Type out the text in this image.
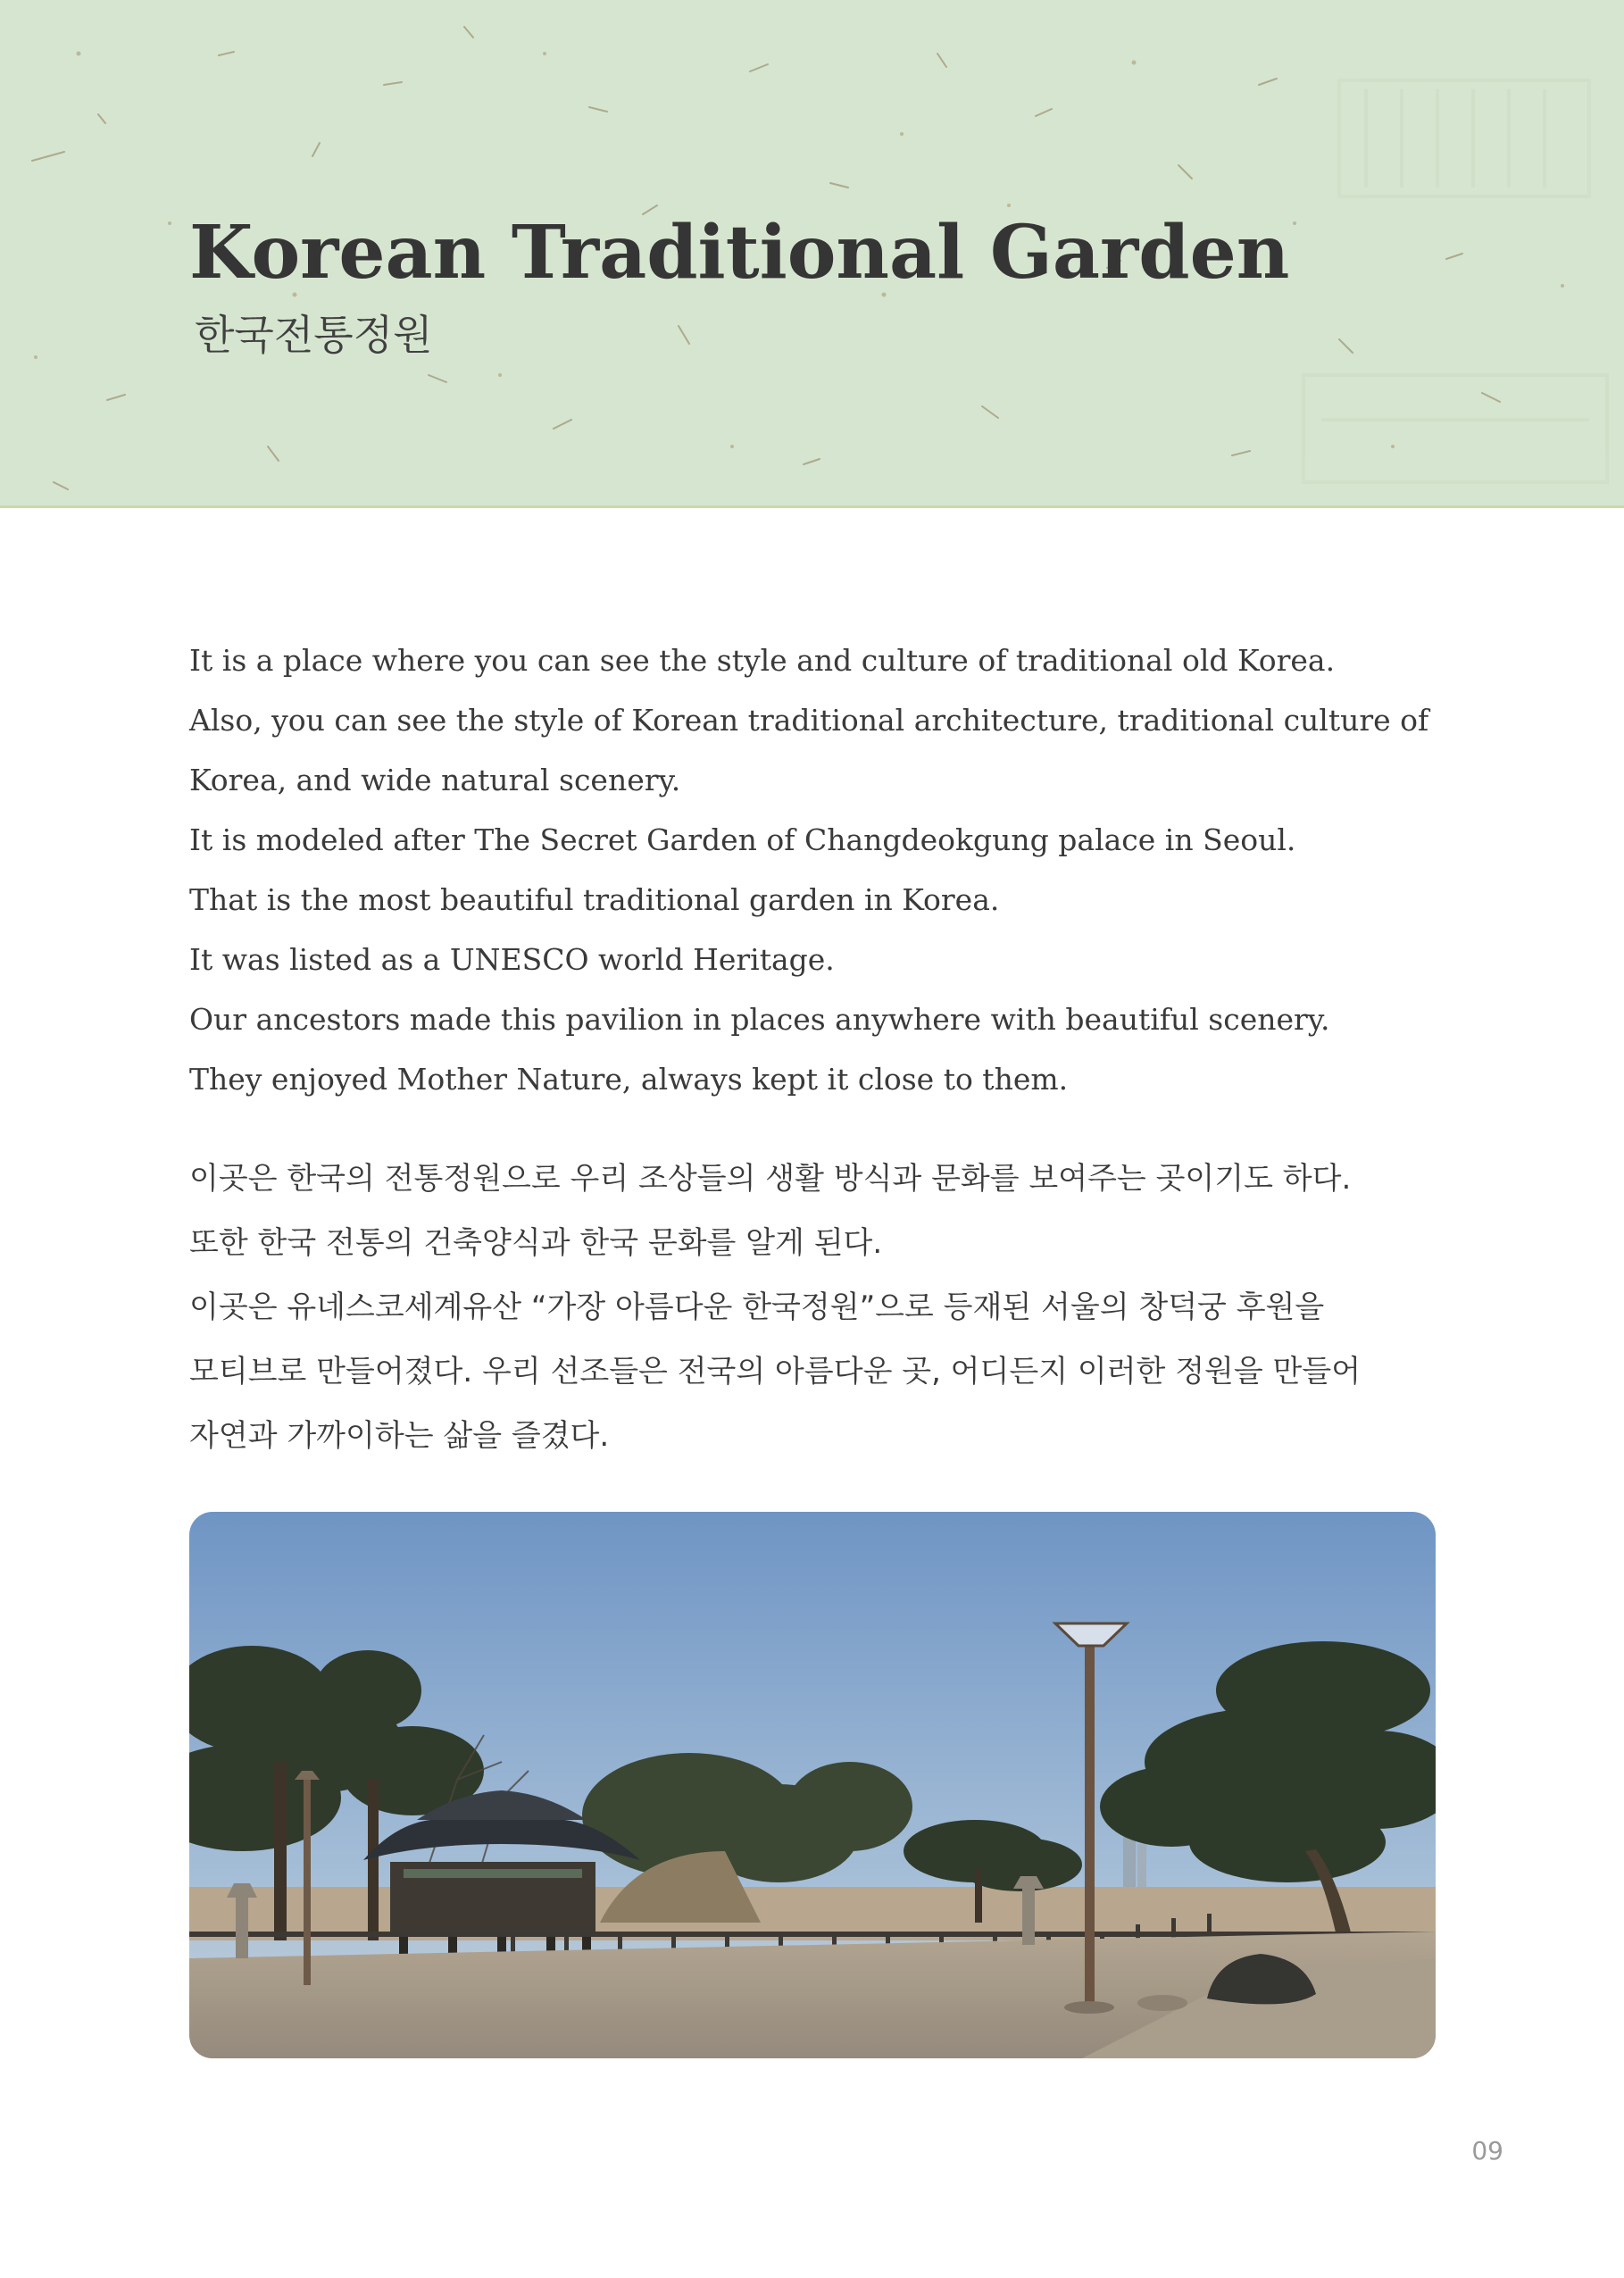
Korean Traditional Garden
한국전통정원
It is a place where you can see the style and culture of traditional old Korea.
Also, you can see the style of Korean traditional architecture, traditional culture of
Korea, and wide natural scenery.
It is modeled after The Secret Garden of Changdeokgung palace in Seoul.
That is the most beautiful traditional garden in Korea.
It was listed as a UNESCO world Heritage.
Our ancestors made this pavilion in places anywhere with beautiful scenery.
They enjoyed Mother Nature, always kept it close to them.
이곳은 한국의 전통정원으로 우리 조상들의 생활 방식과 문화를 보여주는 곳이기도 하다.
또한 한국 전통의 건축양식과 한국 문화를 알게 된다.
이곳은 유네스코세계유산 “가장 아름다운 한국정원”으로 등재된 서울의 창덕궁 후원을
모티브로 만들어졌다. 우리 선조들은 전국의 아름다운 곳, 어디든지 이러한 정원을 만들어
자연과 가까이하는 삶을 즐겼다.
09
